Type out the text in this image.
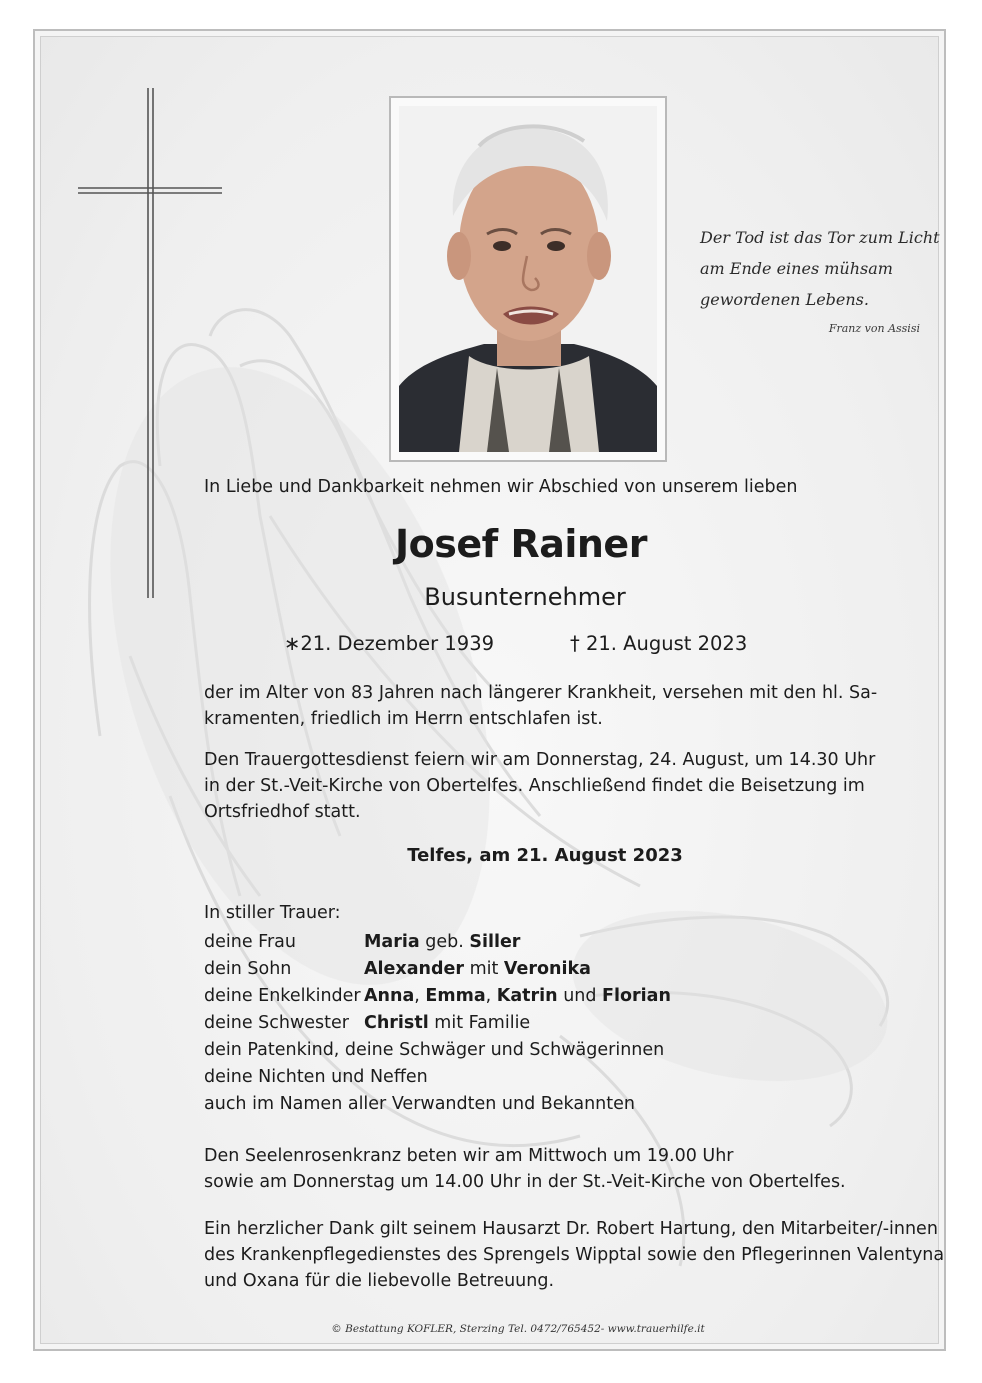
Der Tod ist das Tor zum Licht
am Ende eines mühsam
gewordenen Lebens.
Franz von Assisi
In Liebe und Dankbarkeit nehmen wir Abschied von unserem lieben
Josef Rainer
Busunternehmer
∗21. Dezember 1939	† 21. August 2023
der im Alter von 83 Jahren nach längerer Krankheit, versehen mit den hl. Sa-
kramenten, friedlich im Herrn entschlafen ist.
Den Trauergottesdienst feiern wir am Donnerstag, 24. August, um 14.30 Uhr
in der St.-Veit-Kirche von Obertelfes. Anschließend findet die Beisetzung im
Ortsfriedhof statt.
Telfes, am 21. August 2023
In stiller Trauer:
deine Frau	Maria geb. Siller
dein Sohn	Alexander mit Veronika
deine Enkelkinder Anna, Emma, Katrin und Florian
deine Schwester Christl mit Familie
dein Patenkind, deine Schwäger und Schwägerinnen
deine Nichten und Neffen
auch im Namen aller Verwandten und Bekannten
Den Seelenrosenkranz beten wir am Mittwoch um 19.00 Uhr
sowie am Donnerstag um 14.00 Uhr in der St.-Veit-Kirche von Obertelfes.
Ein herzlicher Dank gilt seinem Hausarzt Dr. Robert Hartung, den Mitarbeiter/-innen
des Krankenpflegedienstes des Sprengels Wipptal sowie den Pflegerinnen Valentyna
und Oxana für die liebevolle Betreuung.
© Bestattung KOFLER, Sterzing Tel. 0472/765452- www.trauerhilfe.it
